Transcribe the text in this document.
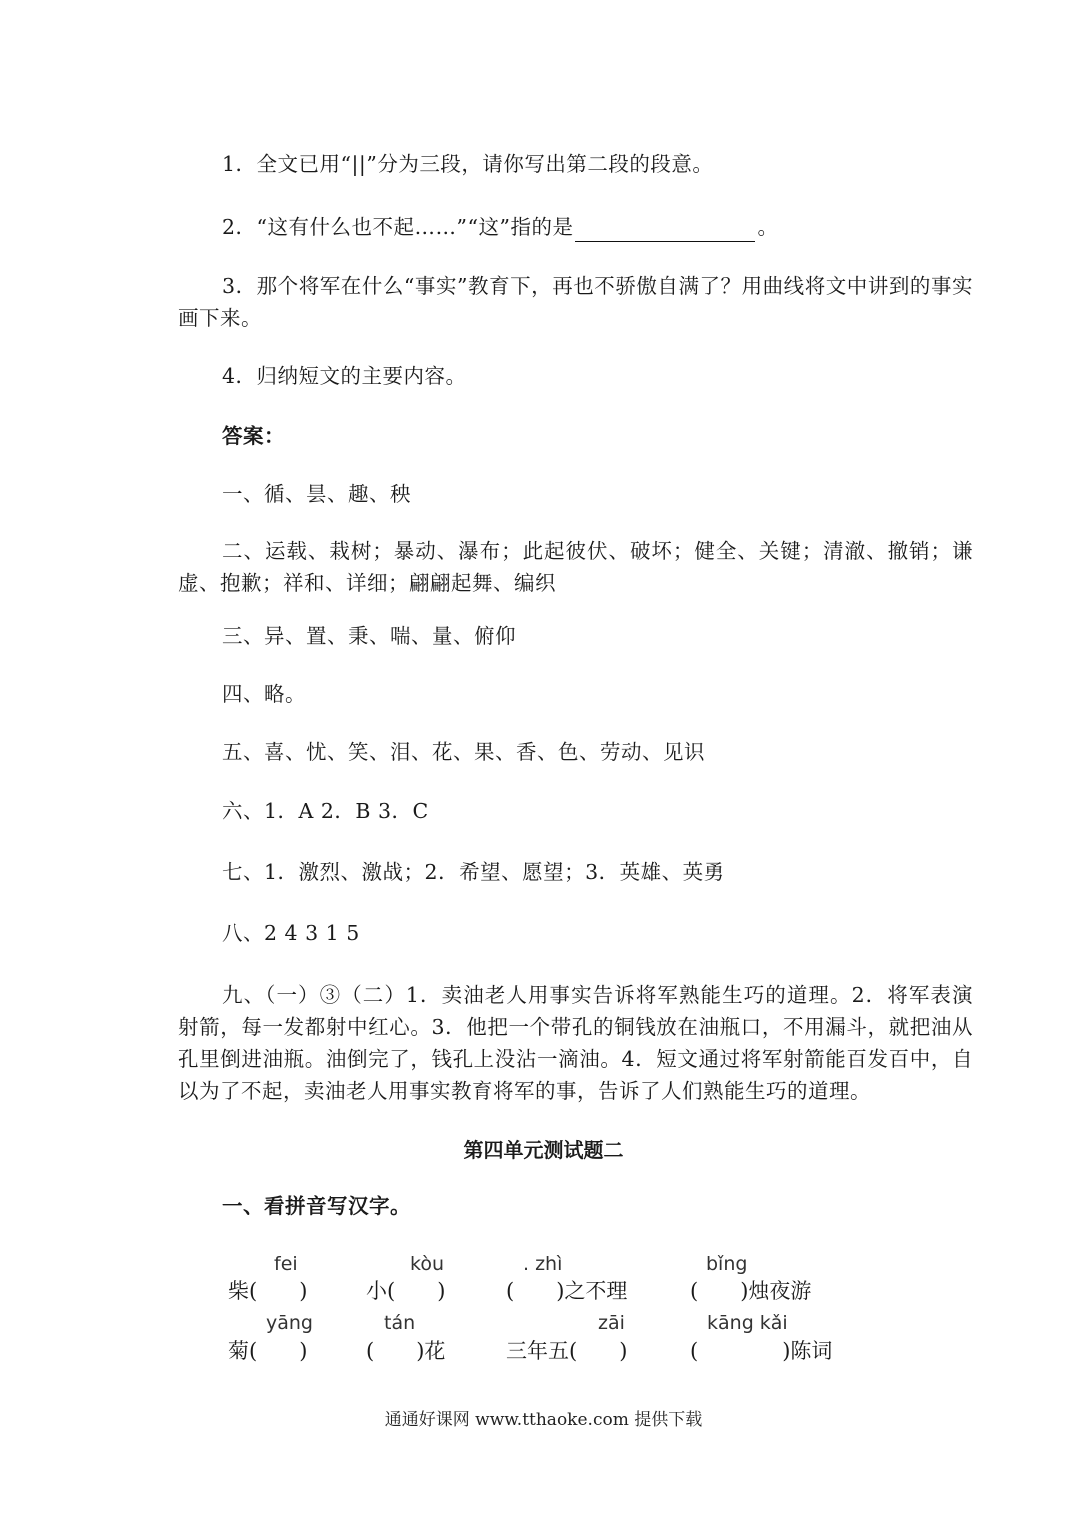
1．全文已用“||”分为三段，请你写出第二段的段意。
2．“这有什么也不起……”“这”指的是	。
3．那个将军在什么“事实”教育下，再也不骄傲自满了？用曲线将文中讲到的事实画下来。
4．归纳短文的主要内容。
答案：
一、循、昙、趣、秧
二、运载、栽树；暴动、瀑布；此起彼伏、破坏；健全、关键；清澈、撤销；谦虚、抱歉；祥和、详细；翩翩起舞、编织
三、异、置、秉、喘、量、俯仰
四、略。
五、喜、忧、笑、泪、花、果、香、色、劳动、见识
六、1．A 2．B 3．C
七、1．激烈、激战；2．希望、愿望；3．英雄、英勇
八、2 4 3 1 5
九、（一）③（二）1．卖油老人用事实告诉将军熟能生巧的道理。2．将军表演射箭，每一发都射中红心。3．他把一个带孔的铜钱放在油瓶口，不用漏斗，就把油从孔里倒进油瓶。油倒完了，钱孔上没沾一滴油。4．短文通过将军射箭能百发百中，自以为了不起，卖油老人用事实教育将军的事，告诉了人们熟能生巧的道理。
第四单元测试题二
一、看拼音写汉字。
fei	kòu	. zhì	bǐng
柴(　　)	小(　　)	(　　)之不理	(　　)烛夜游
yāng	tán	zāi	kāng kǎi
菊(　　)	(　　)花	三年五(　　)	(　　　　)陈词
通通好课网 www.tthaoke.com 提供下载
